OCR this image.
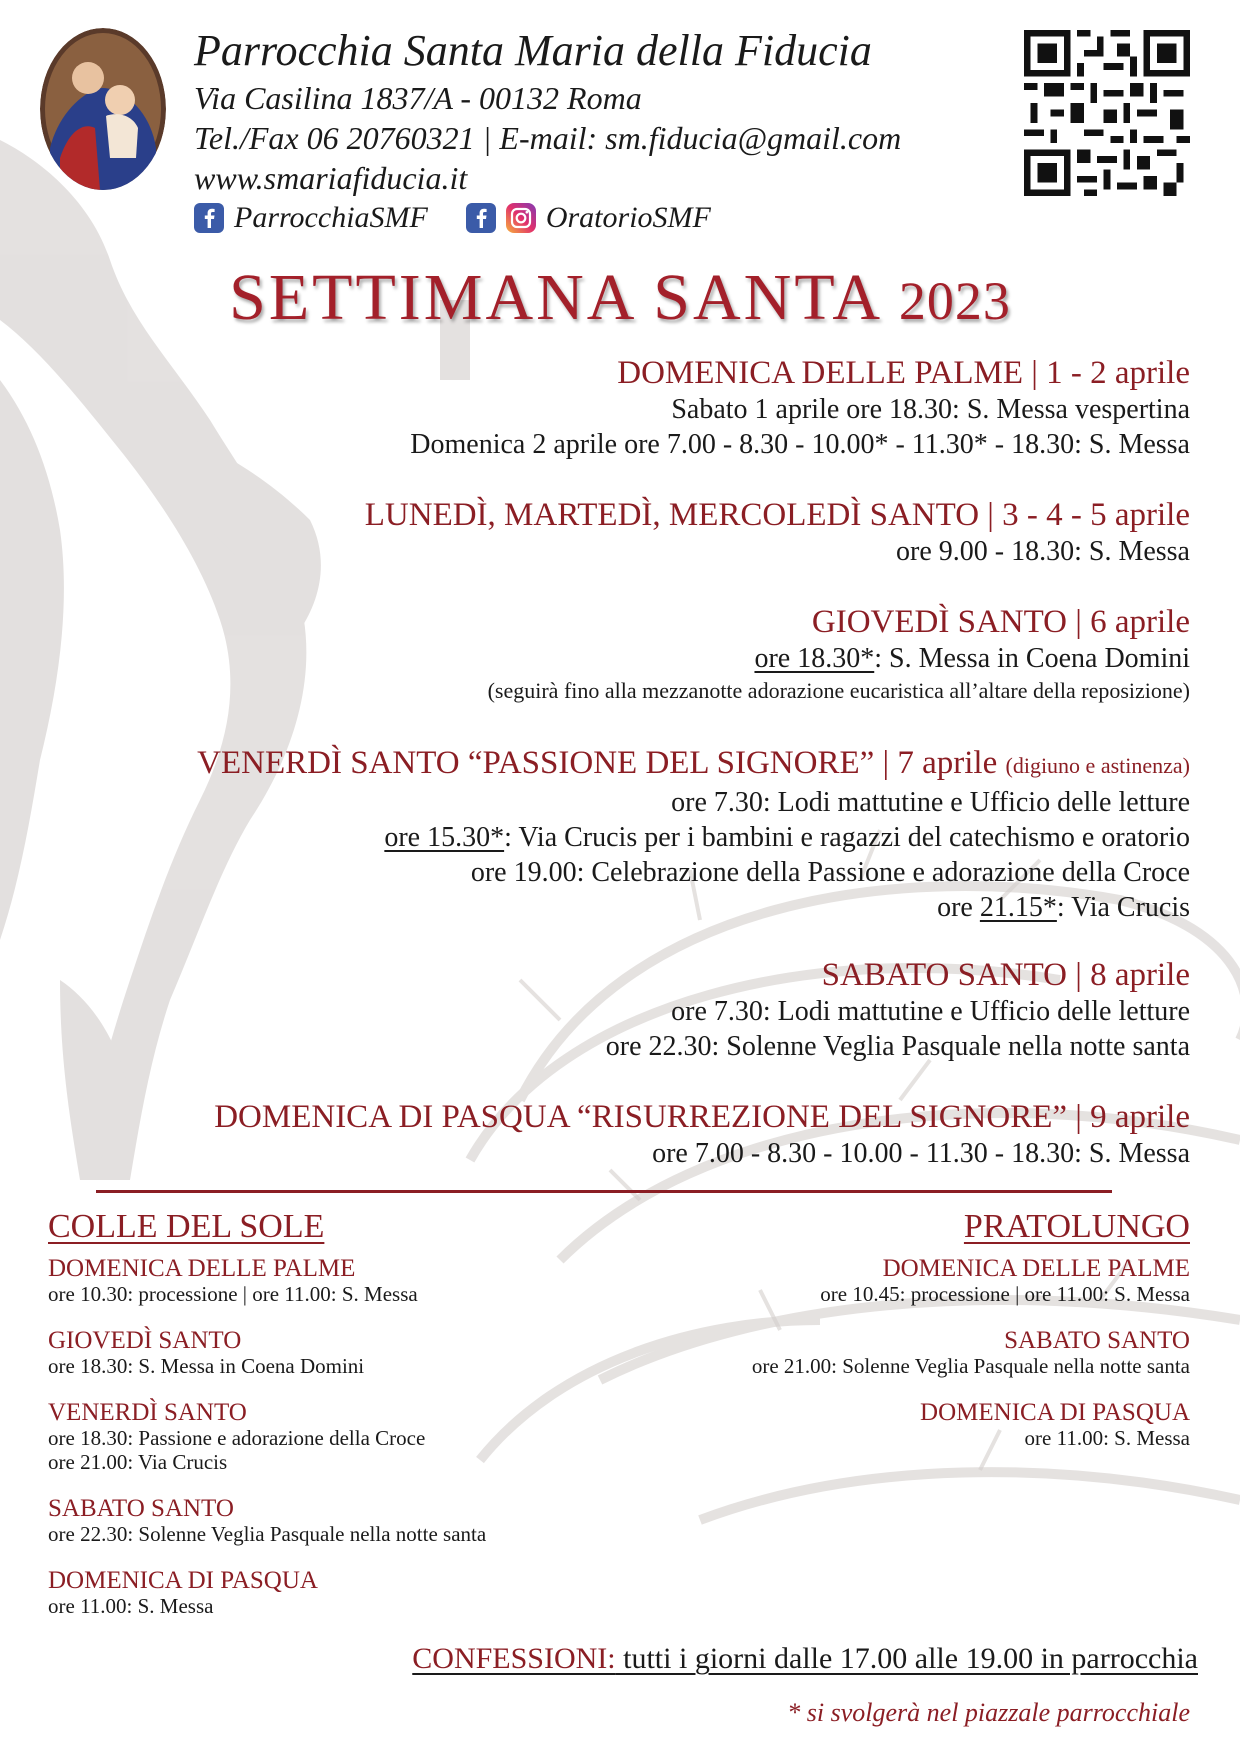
Parrocchia Santa Maria della Fiducia
Via Casilina 1837/A - 00132 Roma
Tel./Fax 06 20760321 | E-mail: sm.fiducia@gmail.com
www.smariafiducia.it
ParrocchiaSMF	OratorioSMF
SETTIMANA SANTA 2023
DOMENICA DELLE PALME | 1 - 2 aprile
Sabato 1 aprile ore 18.30: S. Messa vespertina
Domenica 2 aprile ore 7.00 - 8.30 - 10.00* - 11.30* - 18.30: S. Messa
LUNEDÌ, MARTEDÌ, MERCOLEDÌ SANTO | 3 - 4 - 5 aprile
ore 9.00 - 18.30: S. Messa
GIOVEDÌ SANTO | 6 aprile
ore 18.30*: S. Messa in Coena Domini
(seguirà fino alla mezzanotte adorazione eucaristica all’altare della reposizione)
VENERDÌ SANTO “PASSIONE DEL SIGNORE” | 7 aprile (digiuno e astinenza)
ore 7.30: Lodi mattutine e Ufficio delle letture
ore 15.30*: Via Crucis per i bambini e ragazzi del catechismo e oratorio
ore 19.00: Celebrazione della Passione e adorazione della Croce
ore 21.15*: Via Crucis
SABATO SANTO | 8 aprile
ore 7.30: Lodi mattutine e Ufficio delle letture
ore 22.30: Solenne Veglia Pasquale nella notte santa
DOMENICA DI PASQUA “RISURREZIONE DEL SIGNORE” | 9 aprile
ore 7.00 - 8.30 - 10.00 - 11.30 - 18.30: S. Messa
COLLE DEL SOLE
DOMENICA DELLE PALME
ore 10.30: processione | ore 11.00: S. Messa
GIOVEDÌ SANTO
ore 18.30: S. Messa in Coena Domini
VENERDÌ SANTO
ore 18.30: Passione e adorazione della Croce
ore 21.00: Via Crucis
SABATO SANTO
ore 22.30: Solenne Veglia Pasquale nella notte santa
DOMENICA DI PASQUA
ore 11.00: S. Messa
PRATOLUNGO
DOMENICA DELLE PALME
ore 10.45: processione | ore 11.00: S. Messa
SABATO SANTO
ore 21.00: Solenne Veglia Pasquale nella notte santa
DOMENICA DI PASQUA
ore 11.00: S. Messa
CONFESSIONI: tutti i giorni dalle 17.00 alle 19.00 in parrocchia
* si svolgerà nel piazzale parrocchiale
